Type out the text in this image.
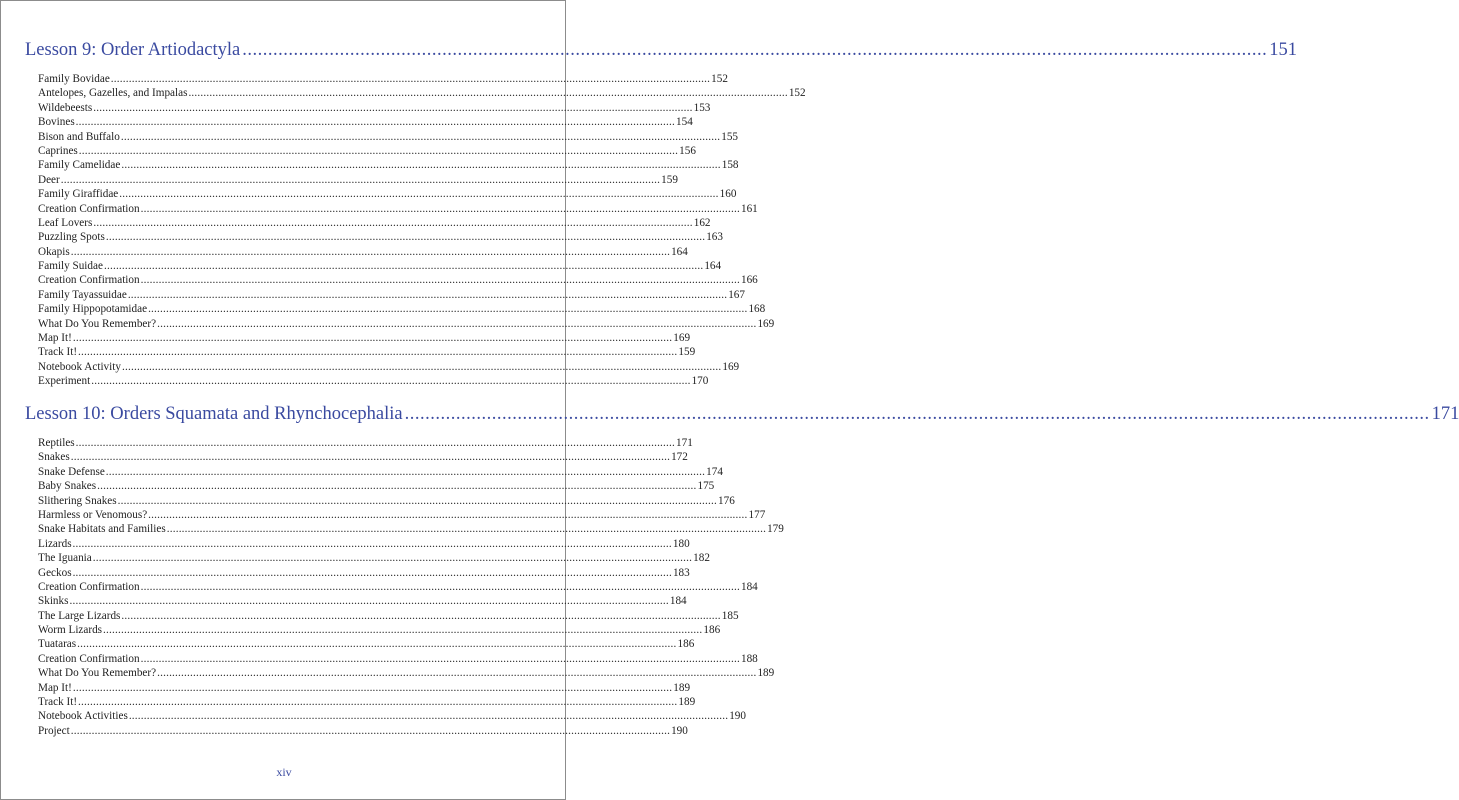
Lesson 9: Order Artiodactyla ........................................................................................................................................................................................................ 151
Family Bovidae ........................................................................................................................................................................................................ 152
Antelopes, Gazelles, and Impalas ........................................................................................................................................................................................................ 152
Wildebeests ........................................................................................................................................................................................................ 153
Bovines ........................................................................................................................................................................................................ 154
Bison and Buffalo ........................................................................................................................................................................................................ 155
Caprines ........................................................................................................................................................................................................ 156
Family Camelidae ........................................................................................................................................................................................................ 158
Deer ........................................................................................................................................................................................................ 159
Family Giraffidae ........................................................................................................................................................................................................ 160
Creation Confirmation ........................................................................................................................................................................................................ 161
Leaf Lovers ........................................................................................................................................................................................................ 162
Puzzling Spots ........................................................................................................................................................................................................ 163
Okapis ........................................................................................................................................................................................................ 164
Family Suidae ........................................................................................................................................................................................................ 164
Creation Confirmation ........................................................................................................................................................................................................ 166
Family Tayassuidae ........................................................................................................................................................................................................ 167
Family Hippopotamidae ........................................................................................................................................................................................................ 168
What Do You Remember? ........................................................................................................................................................................................................ 169
Map It! ........................................................................................................................................................................................................ 169
Track It! ........................................................................................................................................................................................................ 159
Notebook Activity ........................................................................................................................................................................................................ 169
Experiment ........................................................................................................................................................................................................ 170
Lesson 10: Orders Squamata and Rhynchocephalia ........................................................................................................................................................................................................ 171
Reptiles ........................................................................................................................................................................................................ 171
Snakes ........................................................................................................................................................................................................ 172
Snake Defense ........................................................................................................................................................................................................ 174
Baby Snakes ........................................................................................................................................................................................................ 175
Slithering Snakes ........................................................................................................................................................................................................ 176
Harmless or Venomous? ........................................................................................................................................................................................................ 177
Snake Habitats and Families ........................................................................................................................................................................................................ 179
Lizards ........................................................................................................................................................................................................ 180
The Iguania ........................................................................................................................................................................................................ 182
Geckos ........................................................................................................................................................................................................ 183
Creation Confirmation ........................................................................................................................................................................................................ 184
Skinks ........................................................................................................................................................................................................ 184
The Large Lizards ........................................................................................................................................................................................................ 185
Worm Lizards ........................................................................................................................................................................................................ 186
Tuataras ........................................................................................................................................................................................................ 186
Creation Confirmation ........................................................................................................................................................................................................ 188
What Do You Remember? ........................................................................................................................................................................................................ 189
Map It! ........................................................................................................................................................................................................ 189
Track It! ........................................................................................................................................................................................................ 189
Notebook Activities ........................................................................................................................................................................................................ 190
Project ........................................................................................................................................................................................................ 190
xiv
